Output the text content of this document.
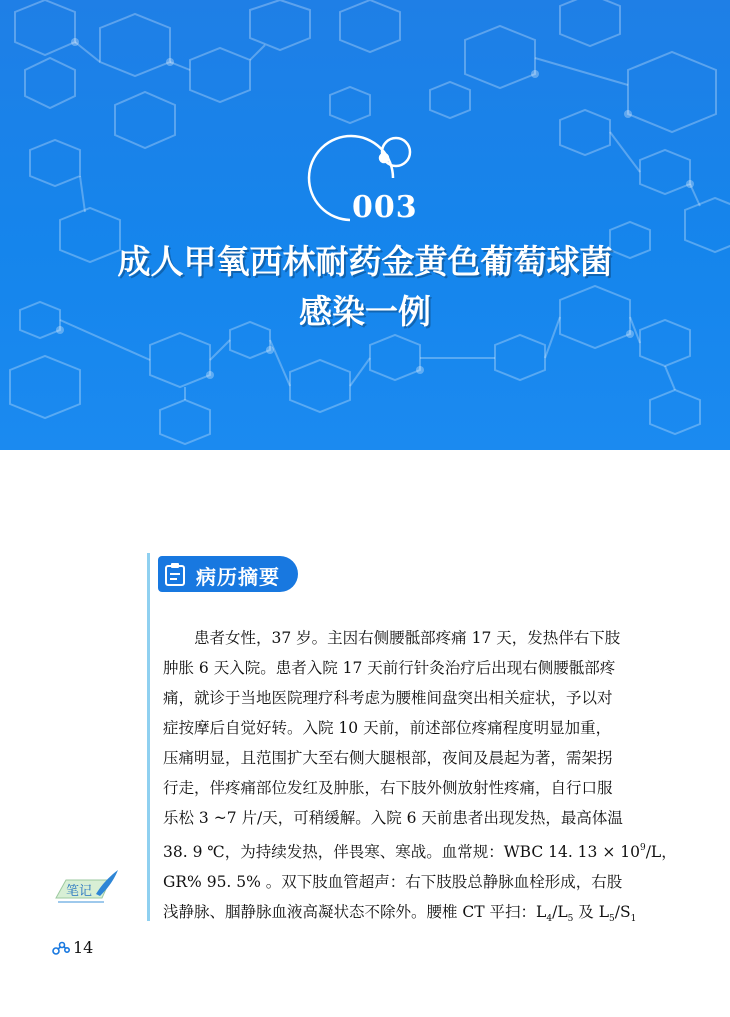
003
成人甲氧西林耐药金黄色葡萄球菌
感染一例
病历摘要

患者女性，37 岁。主因右侧腰骶部疼痛 17 天，发热伴右下肢

肿胀 6 天入院。患者入院 17 天前行针灸治疗后出现右侧腰骶部疼

痛，就诊于当地医院理疗科考虑为腰椎间盘突出相关症状，予以对

症按摩后自觉好转。入院 10 天前，前述部位疼痛程度明显加重，

压痛明显，且范围扩大至右侧大腿根部，夜间及晨起为著，需架拐

行走，伴疼痛部位发红及肿胀，右下肢外侧放射性疼痛，自行口服

乐松 3 ~7 片/天，可稍缓解。入院 6 天前患者出现发热，最高体温

38. 9 ℃，为持续发热，伴畏寒、寒战。血常规：WBC 14. $13 \times 10^9/L$，

GR% 95. 5% 。双下肢血管超声：右下肢股总静脉血栓形成，右股

浅静脉、腘静脉血液高凝状态不除外。腰椎 CT 平扫：$L_4/L_5$ 及 $L_5/S_1$

笔记
14
